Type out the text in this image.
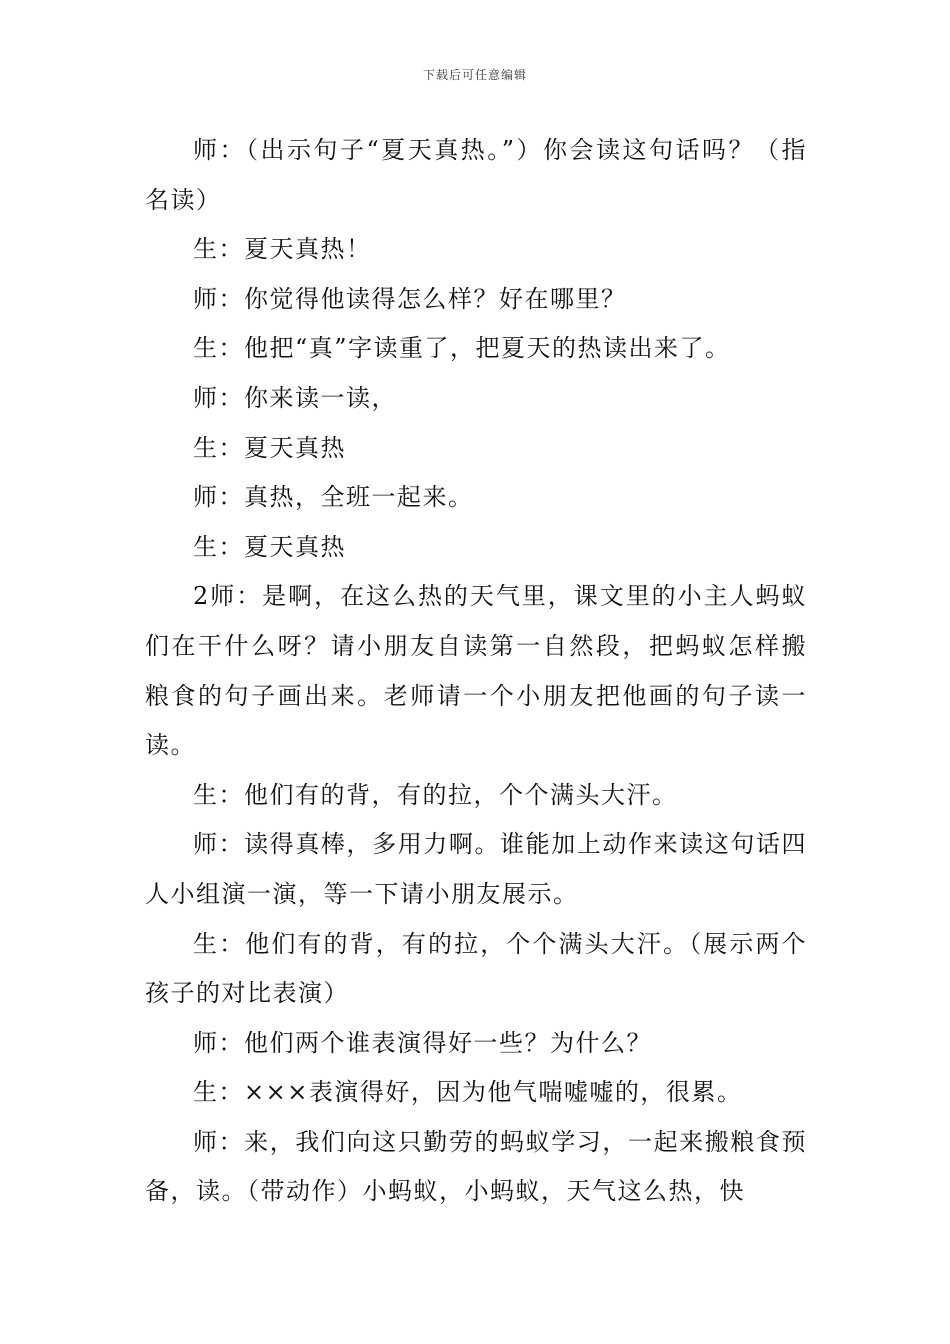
下载后可任意编辑

师：（出示句子“夏天真热。”）你会读这句话吗？（指名读）

生：夏天真热！

师：你觉得他读得怎么样？好在哪里？

生：他把“真”字读重了，把夏天的热读出来了。

师：你来读一读，

生：夏天真热

师：真热，全班一起来。

生：夏天真热

2师：是啊，在这么热的天气里，课文里的小主人蚂蚁们在干什么呀？请小朋友自读第一自然段，把蚂蚁怎样搬粮食的句子画出来。老师请一个小朋友把他画的句子读一读。

生：他们有的背，有的拉，个个满头大汗。

师：读得真棒，多用力啊。谁能加上动作来读这句话四人小组演一演，等一下请小朋友展示。

生：他们有的背，有的拉，个个满头大汗。（展示两个孩子的对比表演）

师：他们两个谁表演得好一些？为什么？

生：×××表演得好，因为他气喘嘘嘘的，很累。

师：来，我们向这只勤劳的蚂蚁学习，一起来搬粮食预备，读。（带动作）小蚂蚁，小蚂蚁，天气这么热，快
